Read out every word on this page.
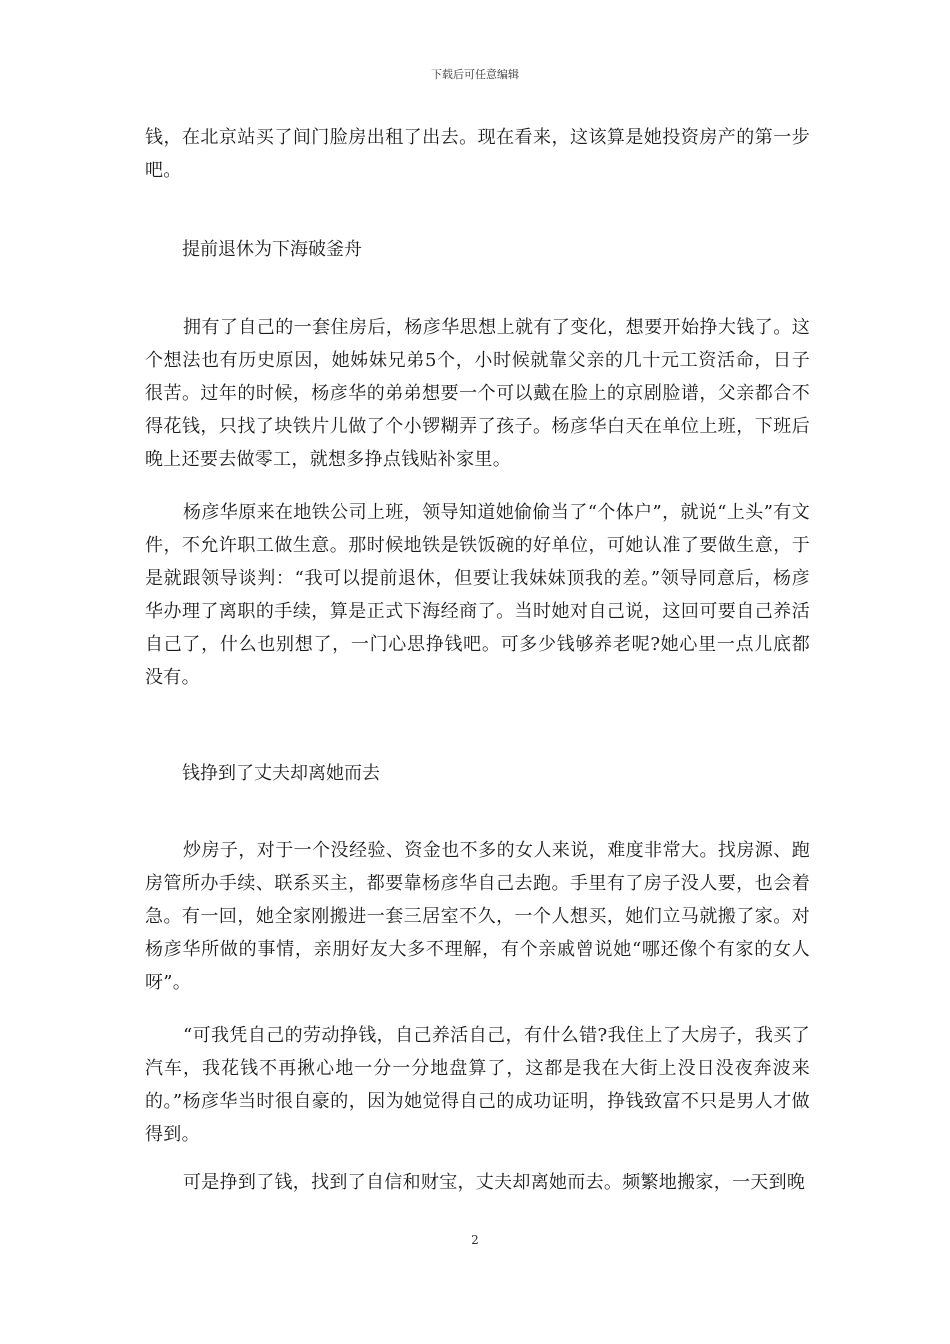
下载后可任意编辑

钱，在北京站买了间门脸房出租了出去。现在看来，这该算是她投资房产的第一步吧。

提前退休为下海破釜舟

拥有了自己的一套住房后，杨彦华思想上就有了变化，想要开始挣大钱了。这个想法也有历史原因，她姊妹兄弟5个，小时候就靠父亲的几十元工资活命，日子很苦。过年的时候，杨彦华的弟弟想要一个可以戴在脸上的京剧脸谱，父亲都合不得花钱，只找了块铁片儿做了个小锣糊弄了孩子。杨彦华白天在单位上班，下班后晚上还要去做零工，就想多挣点钱贴补家里。

杨彦华原来在地铁公司上班，领导知道她偷偷当了“个体户”，就说“上头”有文件，不允许职工做生意。那时候地铁是铁饭碗的好单位，可她认准了要做生意，于是就跟领导谈判：“我可以提前退休，但要让我妹妹顶我的差。”领导同意后，杨彦华办理了离职的手续，算是正式下海经商了。当时她对自己说，这回可要自己养活自己了，什么也别想了，一门心思挣钱吧。可多少钱够养老呢?她心里一点儿底都没有。

钱挣到了丈夫却离她而去

炒房子，对于一个没经验、资金也不多的女人来说，难度非常大。找房源、跑房管所办手续、联系买主，都要靠杨彦华自己去跑。手里有了房子没人要，也会着急。有一回，她全家刚搬进一套三居室不久，一个人想买，她们立马就搬了家。对杨彦华所做的事情，亲朋好友大多不理解，有个亲戚曾说她“哪还像个有家的女人呀”。

“可我凭自己的劳动挣钱，自己养活自己，有什么错?我住上了大房子，我买了汽车，我花钱不再揪心地一分一分地盘算了，这都是我在大街上没日没夜奔波来的。”杨彦华当时很自豪的，因为她觉得自己的成功证明，挣钱致富不只是男人才做得到。

可是挣到了钱，找到了自信和财宝，丈夫却离她而去。频繁地搬家，一天到晚

2
